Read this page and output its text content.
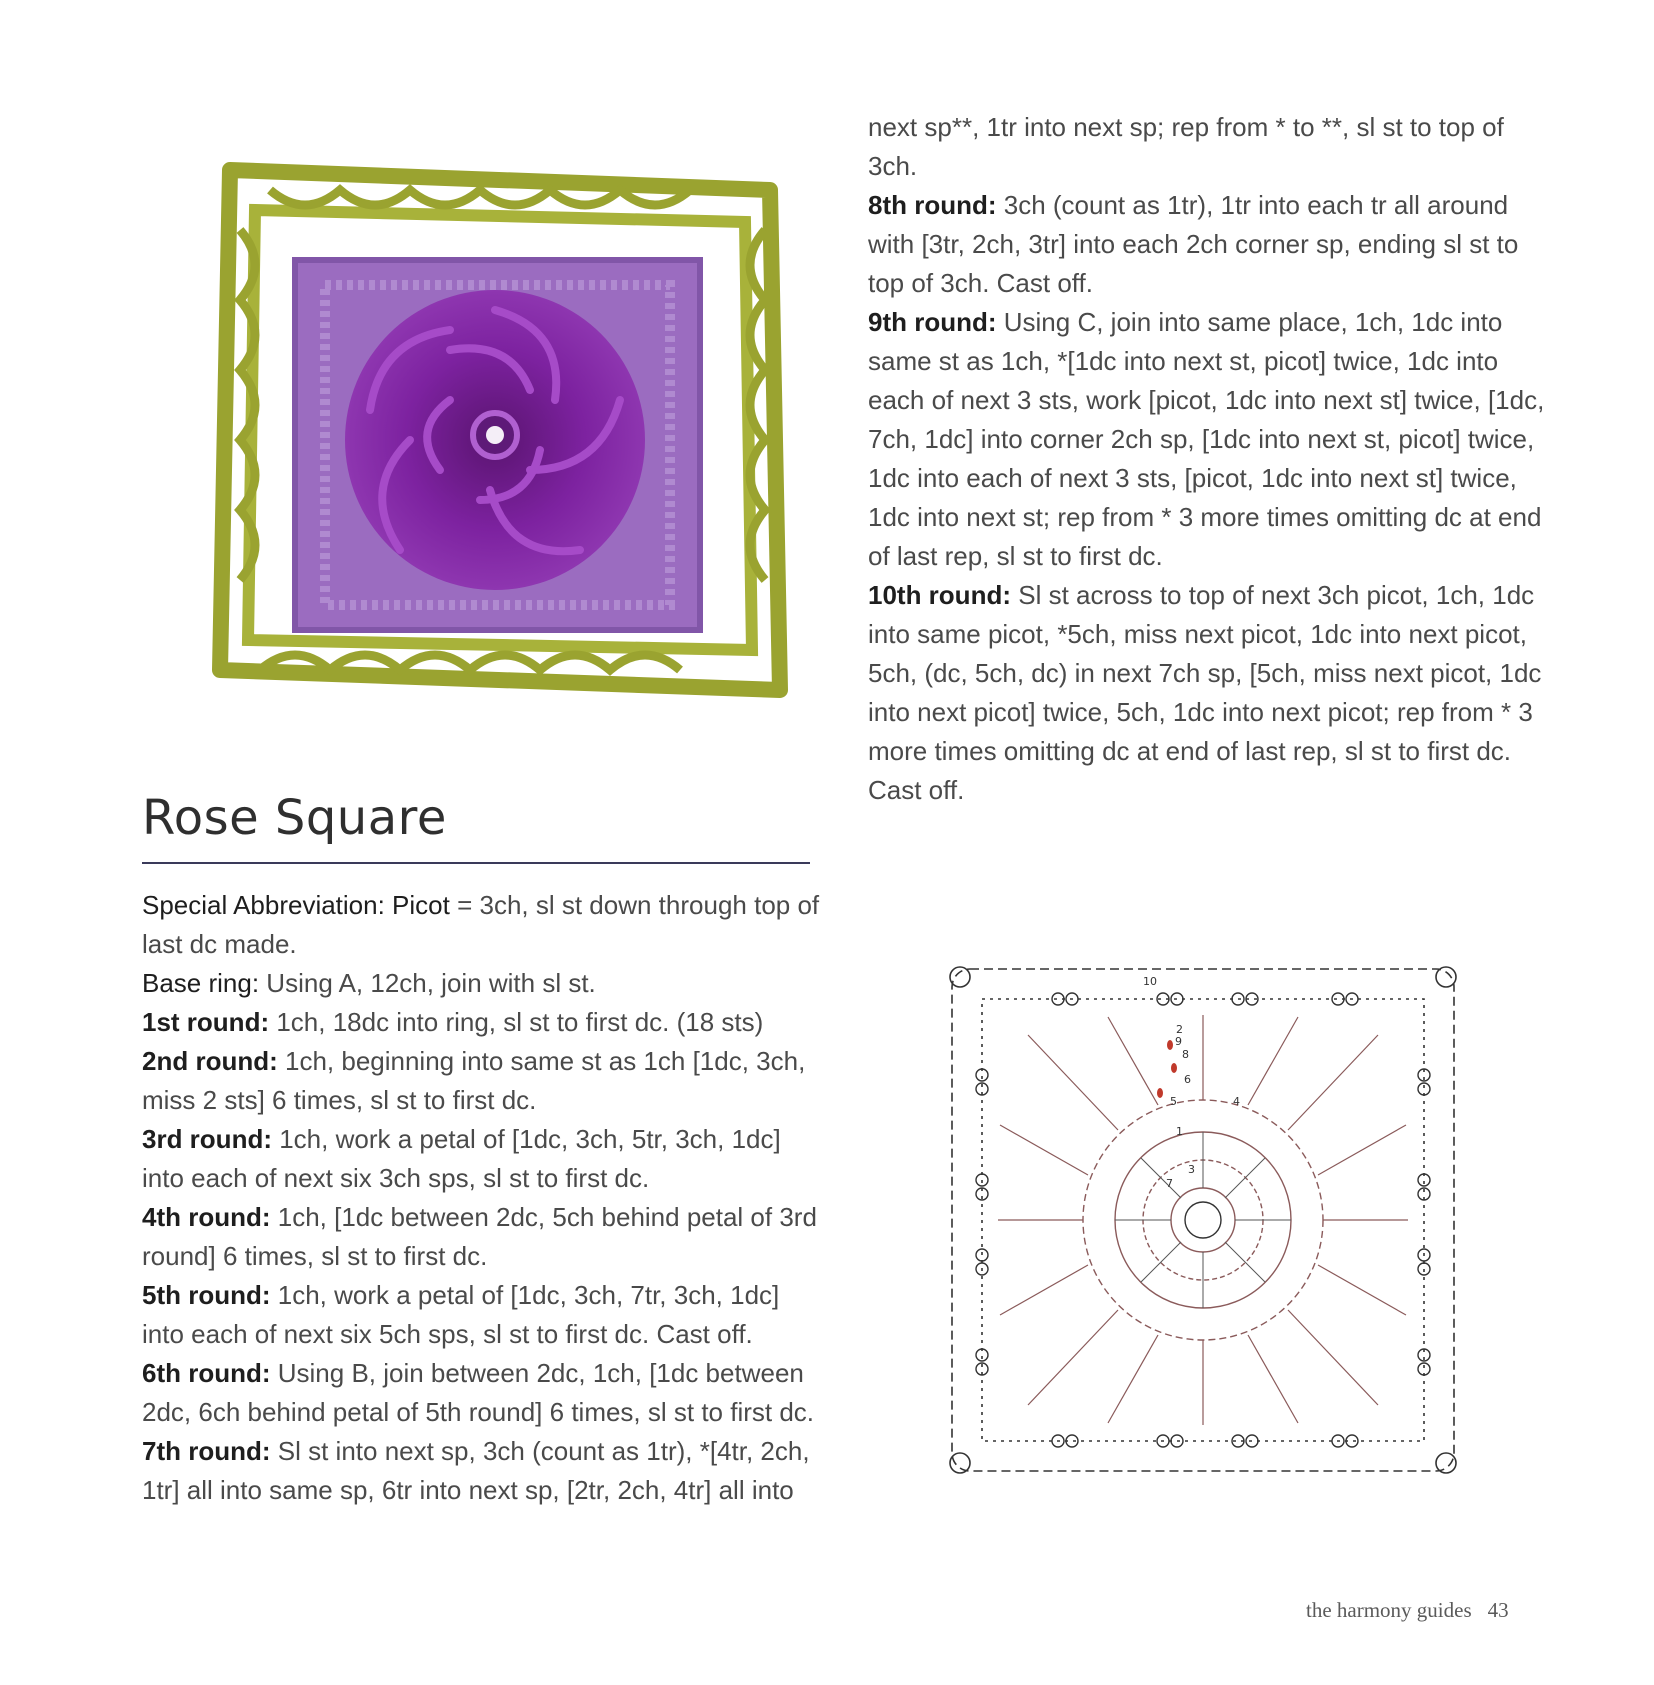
Rose Square

Special Abbreviation: Picot = 3ch, sl st down through top of last dc made.

Base ring: Using A, 12ch, join with sl st.

1st round: 1ch, 18dc into ring, sl st to first dc. (18 sts)

2nd round: 1ch, beginning into same st as 1ch [1dc, 3ch, miss 2 sts] 6 times, sl st to first dc.

3rd round: 1ch, work a petal of [1dc, 3ch, 5tr, 3ch, 1dc] into each of next six 3ch sps, sl st to first dc.

4th round: 1ch, [1dc between 2dc, 5ch behind petal of 3rd round] 6 times, sl st to first dc.

5th round: 1ch, work a petal of [1dc, 3ch, 7tr, 3ch, 1dc] into each of next six 5ch sps, sl st to first dc. Cast off.

6th round: Using B, join between 2dc, 1ch, [1dc between 2dc, 6ch behind petal of 5th round] 6 times, sl st to first dc.

7th round: Sl st into next sp, 3ch (count as 1tr), *[4tr, 2ch, 1tr] all into same sp, 6tr into next sp, [2tr, 2ch, 4tr] all into

next sp**, 1tr into next sp; rep from * to **, sl st to top of 3ch.

8th round: 3ch (count as 1tr), 1tr into each tr all around with [3tr, 2ch, 3tr] into each 2ch corner sp, ending sl st to top of 3ch. Cast off.

9th round: Using C, join into same place, 1ch, 1dc into same st as 1ch, *[1dc into next st, picot] twice, 1dc into each of next 3 sts, work [picot, 1dc into next st] twice, [1dc, 7ch, 1dc] into corner 2ch sp, [1dc into next st, picot] twice, 1dc into each of next 3 sts, [picot, 1dc into next st] twice, 1dc into next st; rep from * 3 more times omitting dc at end of last rep, sl st to first dc.

10th round: Sl st across to top of next 3ch picot, 1ch, 1dc into same picot, *5ch, miss next picot, 1dc into next picot, 5ch, (dc, 5ch, dc) in next 7ch sp, [5ch, miss next picot, 1dc into next picot] twice, 5ch, 1dc into next picot; rep from * 3 more times omitting dc at end of last rep, sl st to first dc. Cast off.

1
2
3
4
5
6
7
8
9
10
the harmony guides 43
